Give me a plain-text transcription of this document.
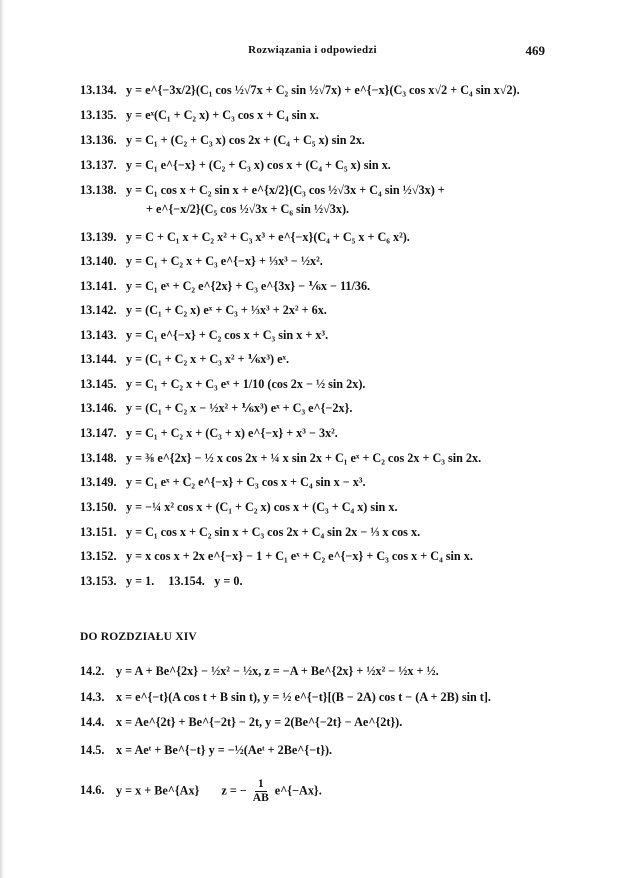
Rozwiązania i odpowiedzi	469
13.134. y = e^{−3x/2}(C₁ cos ½√7x + C₂ sin ½√7x) + e^{−x}(C₃ cos x√2 + C₄ sin x√2).
13.135. y = eˣ(C₁ + C₂ x) + C₃ cos x + C₄ sin x.
13.136. y = C₁ + (C₂ + C₃ x) cos 2x + (C₄ + C₅ x) sin 2x.
13.137. y = C₁ e^{−x} + (C₂ + C₃ x) cos x + (C₄ + C₅ x) sin x.
13.138. y = C₁ cos x + C₂ sin x + e^{x/2}(C₃ cos ½√3x + C₄ sin ½√3x) +
+ e^{−x/2}(C₅ cos ½√3x + C₆ sin ½√3x).
13.139. y = C + C₁ x + C₂ x² + C₃ x³ + e^{−x}(C₄ + C₅ x + C₆ x²).
13.140. y = C₁ + C₂ x + C₃ e^{−x} + ⅓x³ − ½x².
13.141. y = C₁ eˣ + C₂ e^{2x} + C₃ e^{3x} − ⅙x − 11/36.
13.142. y = (C₁ + C₂ x) eˣ + C₃ + ⅓x³ + 2x² + 6x.
13.143. y = C₁ e^{−x} + C₂ cos x + C₃ sin x + x³.
13.144. y = (C₁ + C₂ x + C₃ x² + ⅙x³) eˣ.
13.145. y = C₁ + C₂ x + C₃ eˣ + 1/10 (cos 2x − ½ sin 2x).
13.146. y = (C₁ + C₂ x − ½x² + ⅙x³) eˣ + C₃ e^{−2x}.
13.147. y = C₁ + C₂ x + (C₃ + x) e^{−x} + x³ − 3x².
13.148. y = ⅜ e^{2x} − ½ x cos 2x + ¼ x sin 2x + C₁ eˣ + C₂ cos 2x + C₃ sin 2x.
13.149. y = C₁ eˣ + C₂ e^{−x} + C₃ cos x + C₄ sin x − x³.
13.150. y = −¼ x² cos x + (C₁ + C₂ x) cos x + (C₃ + C₄ x) sin x.
13.151. y = C₁ cos x + C₂ sin x + C₃ cos 2x + C₄ sin 2x − ⅓ x cos x.
13.152. y = x cos x + 2x e^{−x} − 1 + C₁ eˣ + C₂ e^{−x} + C₃ cos x + C₄ sin x.
13.153. y = 1. 13.154. y = 0.
DO ROZDZIAŁU XIV
14.2. y = A + Be^{2x} − ½x² − ½x, z = −A + Be^{2x} + ½x² − ½x + ½.
14.3. x = e^{−t}(A cos t + B sin t), y = ½ e^{−t}[(B − 2A) cos t − (A + 2B) sin t].
14.4. x = Ae^{2t} + Be^{−2t} − 2t, y = 2(Be^{−2t} − Ae^{2t}).
14.5. x = Aeᵗ + Be^{−t} y = −½(Aeᵗ + 2Be^{−t}).
14.6. y = x + Be^{Ax} z = − $\frac{1}{AB}$ e^{−Ax}.
